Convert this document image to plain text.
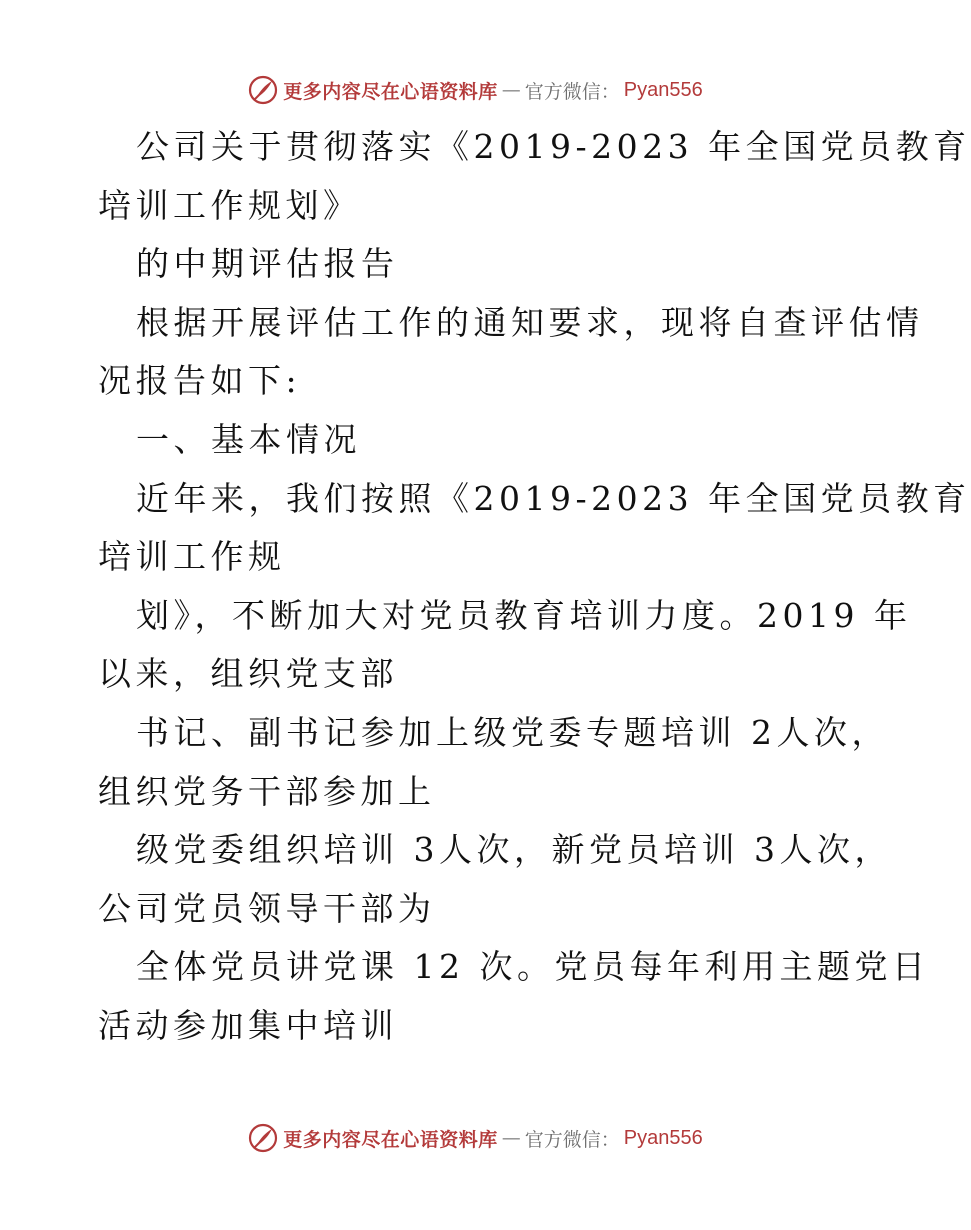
更多内容尽在心语资料库 — 官方微信： Pyan556
公司关于贯彻落实《2019-2023 年全国党员教育
培训工作规划》
的中期评估报告
根据开展评估工作的通知要求，现将自查评估情
况报告如下:
一、基本情况
近年来，我们按照《2019-2023 年全国党员教育
培训工作规
划》，不断加大对党员教育培训力度。2019 年
以来，组织党支部
书记、副书记参加上级党委专题培训 2人次，
组织党务干部参加上
级党委组织培训 3人次，新党员培训 3人次，
公司党员领导干部为
全体党员讲党课 12 次。党员每年利用主题党日
活动参加集中培训
更多内容尽在心语资料库 — 官方微信： Pyan556
